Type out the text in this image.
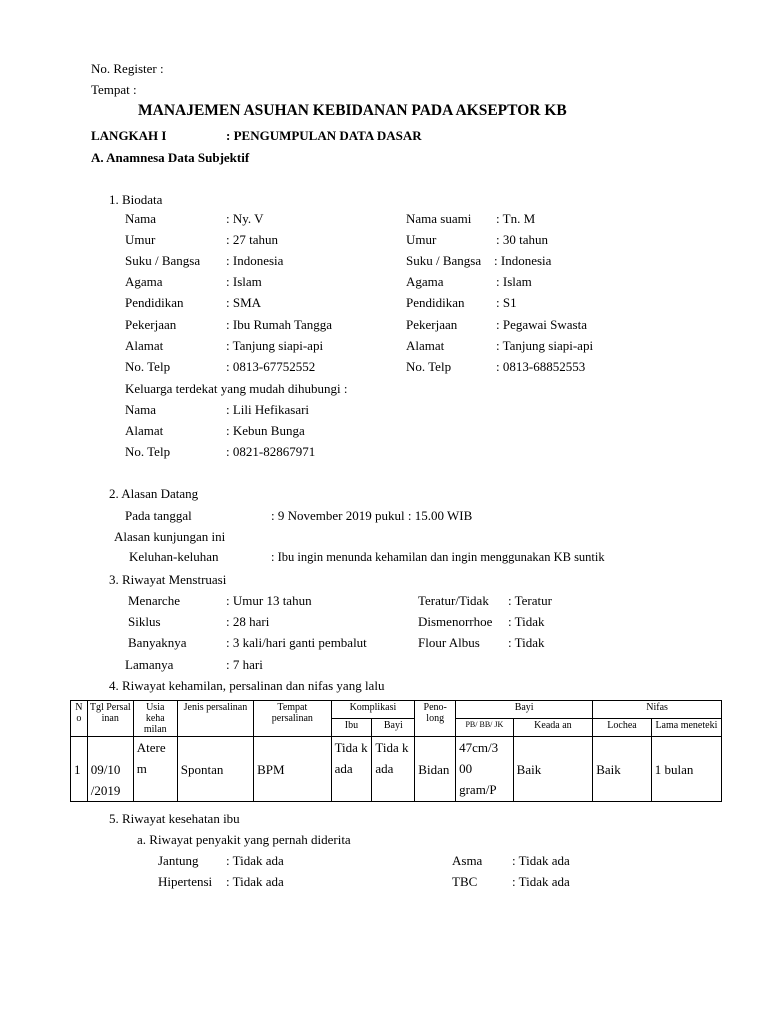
No. Register :
Tempat :
MANAJEMEN ASUHAN KEBIDANAN PADA AKSEPTOR KB
LANGKAH I	: PENGUMPULAN DATA DASAR
A. Anamnesa Data Subjektif
1. Biodata
Nama	: Ny. V	Nama suami : Tn. M
Umur	: 27 tahun	Umur	: 30 tahun
Suku / Bangsa : Indonesia	Suku / Bangsa : Indonesia
Agama	: Islam	Agama	: Islam
Pendidikan	: SMA	Pendidikan : S1
Pekerjaan	: Ibu Rumah Tangga	Pekerjaan	: Pegawai Swasta
Alamat	: Tanjung siapi-api	Alamat	: Tanjung siapi-api
No. Telp	: 0813-67752552	No. Telp	: 0813-68852553
Keluarga terdekat yang mudah dihubungi :
Nama	: Lili Hefikasari
Alamat	: Kebun Bunga
No. Telp	: 0821-82867971
2. Alasan Datang
Pada tanggal	: 9 November 2019 pukul : 15.00 WIB
Alasan kunjungan ini
Keluhan-keluhan	: Ibu ingin menunda kehamilan dan ingin menggunakan KB suntik
3. Riwayat Menstruasi
Menarche	: Umur 13 tahun	Teratur/Tidak : Teratur
Siklus	: 28 hari	Dismenorrhoe : Tidak
Banyaknya	: 3 kali/hari ganti pembalut	Flour Albus : Tidak
Lamanya	: 7 hari
4. Riwayat kehamilan, persalinan dan nifas yang lalu
N o	Tgl Persal inan	Usia keha milan	Jenis persalinan	Tempat persalinan	Komplikasi		Peno- long	Bayi		Nifas	
					Ibu	Bayi		PB/ BB/ JK	Keada an	Lochea	Lama meneteki
1	09/10 /2019	Atere m	Spontan	BPM	Tida k ada	Tida k ada	Bidan	47cm/3 00 gram/P	Baik	Baik	1 bulan
5. Riwayat kesehatan ibu
a. Riwayat penyakit yang pernah diderita
Jantung : Tidak ada	Asma : Tidak ada
Hipertensi : Tidak ada	TBC	: Tidak ada
